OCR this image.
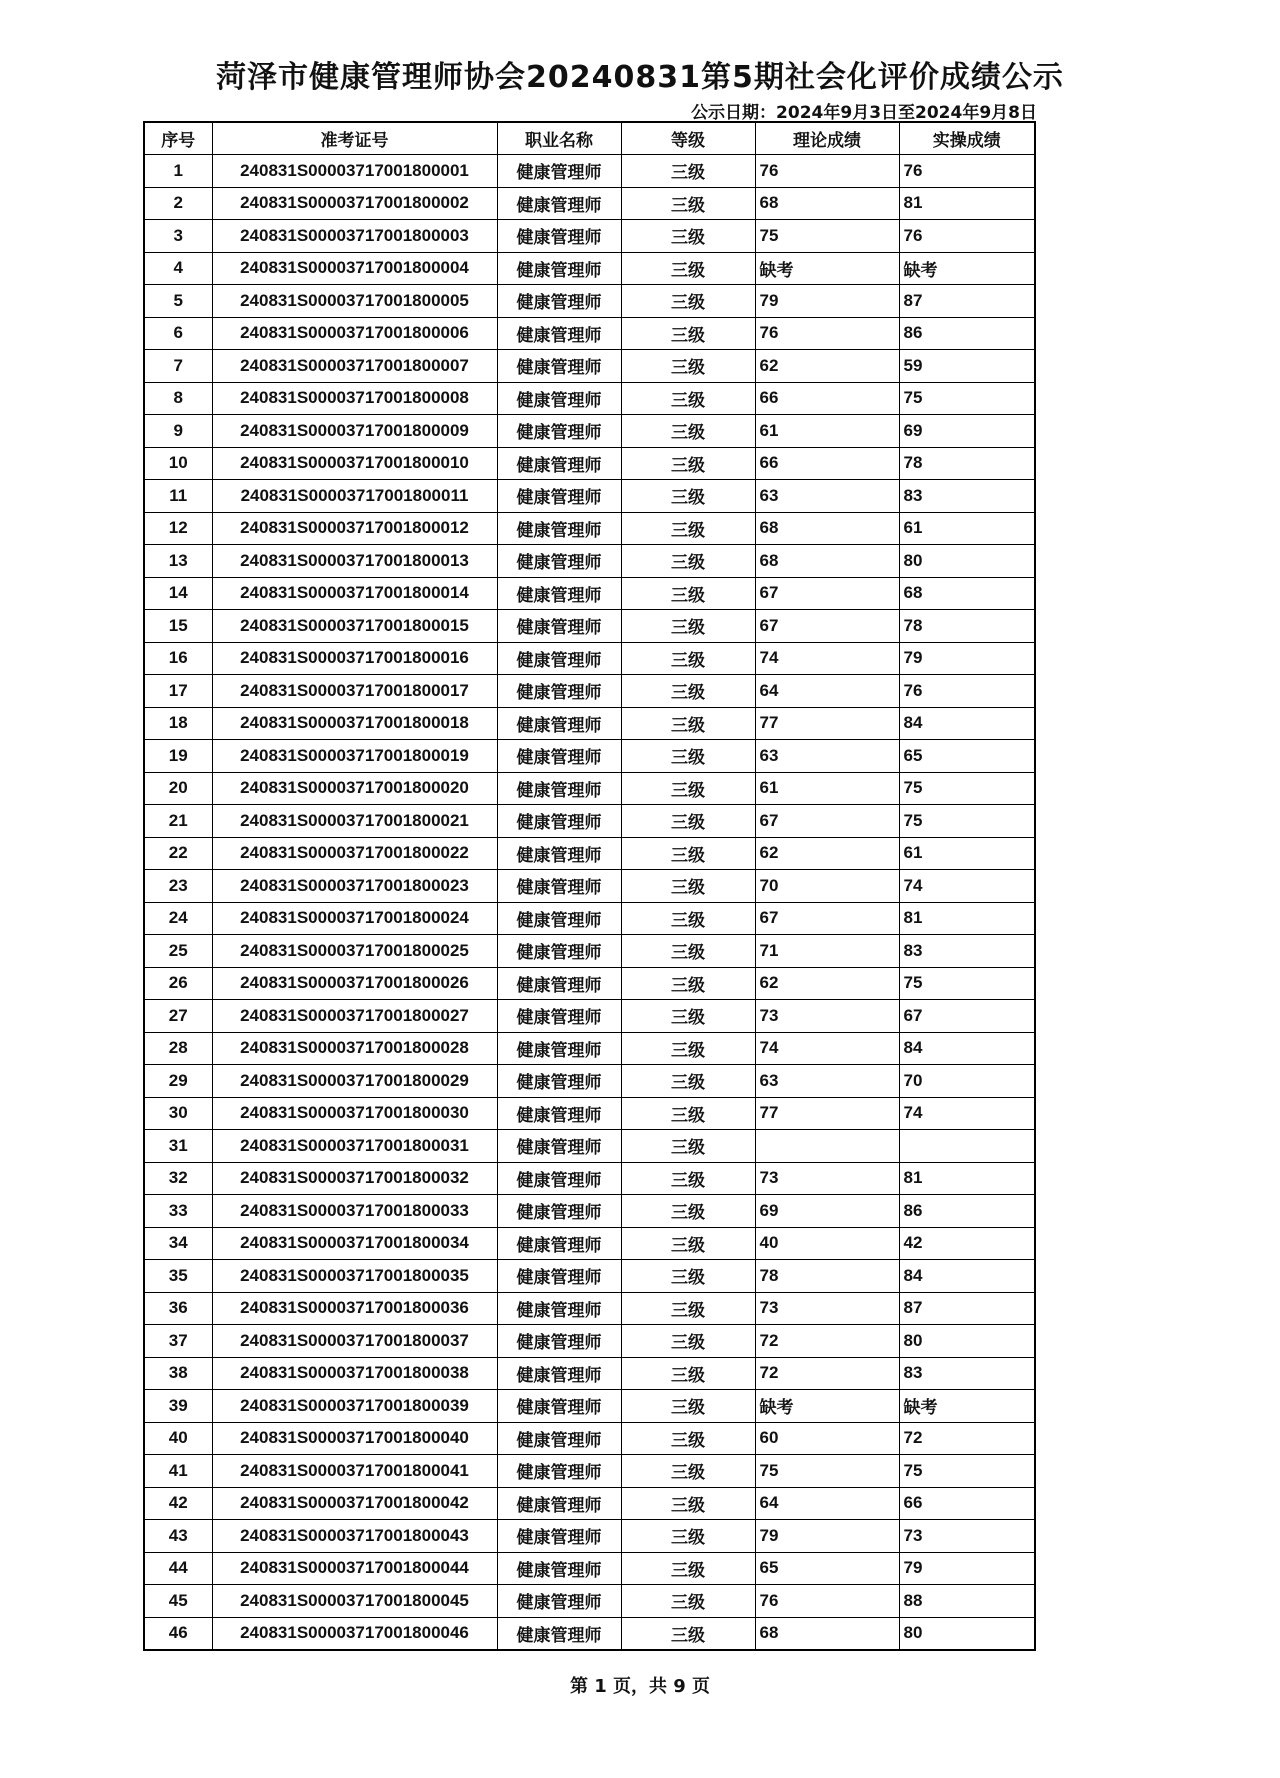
菏泽市健康管理师协会20240831第5期社会化评价成绩公示
公示日期：2024年9月3日至2024年9月8日
序号	准考证号	职业名称	等级	理论成绩	实操成绩
1	240831S00003717001800001	健康管理师	三级	76	76
2	240831S00003717001800002	健康管理师	三级	68	81
3	240831S00003717001800003	健康管理师	三级	75	76
4	240831S00003717001800004	健康管理师	三级	缺考	缺考
5	240831S00003717001800005	健康管理师	三级	79	87
6	240831S00003717001800006	健康管理师	三级	76	86
7	240831S00003717001800007	健康管理师	三级	62	59
8	240831S00003717001800008	健康管理师	三级	66	75
9	240831S00003717001800009	健康管理师	三级	61	69
10	240831S00003717001800010	健康管理师	三级	66	78
11	240831S00003717001800011	健康管理师	三级	63	83
12	240831S00003717001800012	健康管理师	三级	68	61
13	240831S00003717001800013	健康管理师	三级	68	80
14	240831S00003717001800014	健康管理师	三级	67	68
15	240831S00003717001800015	健康管理师	三级	67	78
16	240831S00003717001800016	健康管理师	三级	74	79
17	240831S00003717001800017	健康管理师	三级	64	76
18	240831S00003717001800018	健康管理师	三级	77	84
19	240831S00003717001800019	健康管理师	三级	63	65
20	240831S00003717001800020	健康管理师	三级	61	75
21	240831S00003717001800021	健康管理师	三级	67	75
22	240831S00003717001800022	健康管理师	三级	62	61
23	240831S00003717001800023	健康管理师	三级	70	74
24	240831S00003717001800024	健康管理师	三级	67	81
25	240831S00003717001800025	健康管理师	三级	71	83
26	240831S00003717001800026	健康管理师	三级	62	75
27	240831S00003717001800027	健康管理师	三级	73	67
28	240831S00003717001800028	健康管理师	三级	74	84
29	240831S00003717001800029	健康管理师	三级	63	70
30	240831S00003717001800030	健康管理师	三级	77	74
31	240831S00003717001800031	健康管理师	三级		
32	240831S00003717001800032	健康管理师	三级	73	81
33	240831S00003717001800033	健康管理师	三级	69	86
34	240831S00003717001800034	健康管理师	三级	40	42
35	240831S00003717001800035	健康管理师	三级	78	84
36	240831S00003717001800036	健康管理师	三级	73	87
37	240831S00003717001800037	健康管理师	三级	72	80
38	240831S00003717001800038	健康管理师	三级	72	83
39	240831S00003717001800039	健康管理师	三级	缺考	缺考
40	240831S00003717001800040	健康管理师	三级	60	72
41	240831S00003717001800041	健康管理师	三级	75	75
42	240831S00003717001800042	健康管理师	三级	64	66
43	240831S00003717001800043	健康管理师	三级	79	73
44	240831S00003717001800044	健康管理师	三级	65	79
45	240831S00003717001800045	健康管理师	三级	76	88
46	240831S00003717001800046	健康管理师	三级	68	80
第 1 页，共 9 页
